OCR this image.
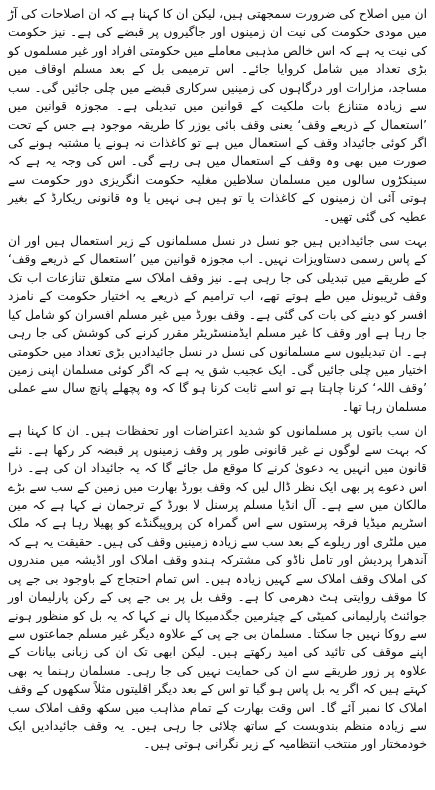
ان میں اصلاح کی ضرورت سمجھتی ہیں، لیکن ان کا کہنا ہے کہ ان اصلاحات کی آڑ میں مودی حکومت کی نیت ان زمینوں اور جاگیروں پر قبضے کی ہے۔ نیز حکومت کی نیت یہ ہے کہ اس خالص مذہبی معاملے میں حکومتی افراد اور غیر مسلموں کو بڑی تعداد میں شامل کروایا جائے۔ اس ترمیمی بل کے بعد مسلم اوقاف میں مساجد، مزارات اور درگاہوں کی زمینیں سرکاری قبضے میں چلی جائیں گی۔ سب سے زیادہ متنازع بات ملکیت کے قوانین میں تبدیلی ہے۔ مجوزہ قوانین میں ’استعمال کے ذریعے وقف‘ یعنی وقف بائی یوزر کا طریقہ موجود ہے جس کے تحت اگر کوئی جائیداد وقف کے استعمال میں ہے تو کاغذات نہ ہونے یا مشتبہ ہونے کی صورت میں بھی وہ وقف کے استعمال میں ہی رہے گی۔ اس کی وجہ یہ ہے کہ سینکڑوں سالوں میں مسلمان سلاطین مغلیہ حکومت انگریزی دور حکومت سے ہوتی آئی ان زمینوں کے کاغذات یا تو ہیں ہی نہیں یا وہ قانونی ریکارڈ کے بغیر عطیہ کی گئی تھیں۔

بہت سی جائیدادیں ہیں جو نسل در نسل مسلمانوں کے زیر استعمال ہیں اور ان کے پاس رسمی دستاویزات نہیں۔ اب مجوزہ قوانین میں ’استعمال کے ذریعے وقف‘ کے طریقے میں تبدیلی کی جا رہی ہے۔ نیز وقف املاک سے متعلق تنازعات اب تک وقف ٹریبونل میں طے ہوتے تھے، اب ترامیم کے ذریعے یہ اختیار حکومت کے نامزد افسر کو دینے کی بات کی گئی ہے۔ وقف بورڈ میں غیر مسلم افسران کو شامل کیا جا رہا ہے اور وقف کا غیر مسلم ایڈمنسٹریٹر مقرر کرنے کی کوشش کی جا رہی ہے۔ ان تبدیلیوں سے مسلمانوں کی نسل در نسل جائیدادیں بڑی تعداد میں حکومتی اختیار میں چلی جائیں گی۔ ایک عجیب شق یہ ہے کہ اگر کوئی مسلمان اپنی زمین ’وقف اللہ‘ کرنا چاہتا ہے تو اسے ثابت کرنا ہو گا کہ وہ پچھلے پانچ سال سے عملی مسلمان رہا تھا۔

ان سب باتوں پر مسلمانوں کو شدید اعتراضات اور تحفظات ہیں۔ ان کا کہنا ہے کہ بہت سے لوگوں نے غیر قانونی طور پر وقف زمینوں پر قبضہ کر رکھا ہے۔ نئے قانون میں انہیں یہ دعویٰ کرنے کا موقع مل جائے گا کہ یہ جائیداد ان کی ہے۔ ذرا اس دعوے پر بھی ایک نظر ڈال لیں کہ وقف بورڈ بھارت میں زمین کے سب سے بڑے مالکان میں سے ہے۔ آل انڈیا مسلم پرسنل لا بورڈ کے ترجمان نے کہا ہے کہ مین اسٹریم میڈیا فرقہ پرستوں سے اس گمراہ کن پروپیگنڈے کو پھیلا رہا ہے کہ ملک میں ملٹری اور ریلوے کے بعد سب سے زیادہ زمینیں وقف کی ہیں۔ حقیقت یہ ہے کہ آندھرا پردیش اور تامل ناڈو کی مشترکہ ہندو وقف املاک اور اڈیشہ میں مندروں کی املاک وقف املاک سے کہیں زیادہ ہیں۔ اس تمام احتجاج کے باوجود بی جے پی کا موقف روایتی ہٹ دھرمی کا ہے۔ وقف بل پر بی جے پی کے رکن پارلیمان اور جوائنٹ پارلیمانی کمیٹی کے چیئرمین جگدمبیکا پال نے کہا کہ یہ بل کو منظور ہونے سے روکا نہیں جا سکتا۔ مسلمان بی جے پی کے علاوہ دیگر غیر مسلم جماعتوں سے اپنے موقف کی تائید کی امید رکھتے ہیں۔ لیکن ابھی تک ان کی زبانی بیانات کے علاوہ پر زور طریقے سے ان کی حمایت نہیں کی جا رہی۔ مسلمان رہنما یہ بھی کہتے ہیں کہ اگر یہ بل پاس ہو گیا تو اس کے بعد دیگر اقلیتوں مثلاً سکھوں کے وقف املاک کا نمبر آئے گا۔ اس وقت بھارت کے تمام مذاہب میں سکھ وقف املاک سب سے زیادہ منظم بندوبست کے ساتھ چلائی جا رہی ہیں۔ یہ وقف جائیدادیں ایک خودمختار اور منتخب انتظامیہ کے زیر نگرانی ہوتی ہیں۔
